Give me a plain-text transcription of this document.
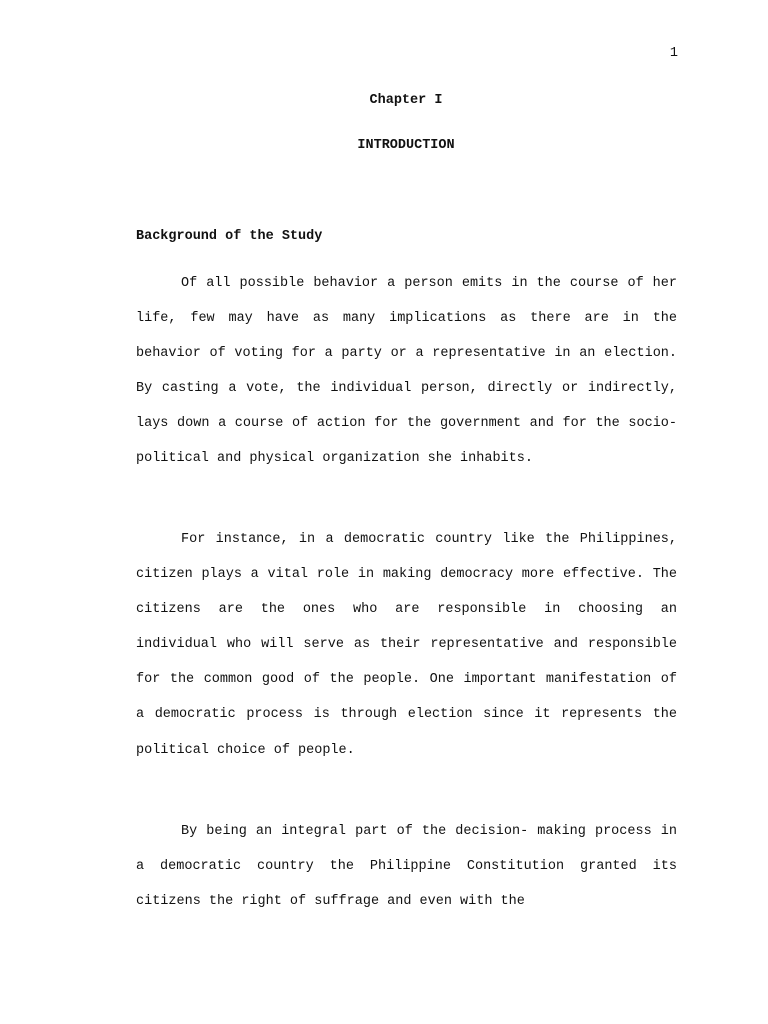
1
Chapter I
INTRODUCTION
Background of the Study

Of all possible behavior a person emits in the course of her life, few may have as many implications as there are in the behavior of voting for a party or a representative in an election. By casting a vote, the individual person, directly or indirectly, lays down a course of action for the government and for the socio-political and physical organization she inhabits.

For instance, in a democratic country like the Philippines, citizen plays a vital role in making democracy more effective. The citizens are the ones who are responsible in choosing an individual who will serve as their representative and responsible for the common good of the people. One important manifestation of a democratic process is through election since it represents the political choice of people.

By being an integral part of the decision- making process in a democratic country the Philippine Constitution granted its citizens the right of suffrage and even with the
